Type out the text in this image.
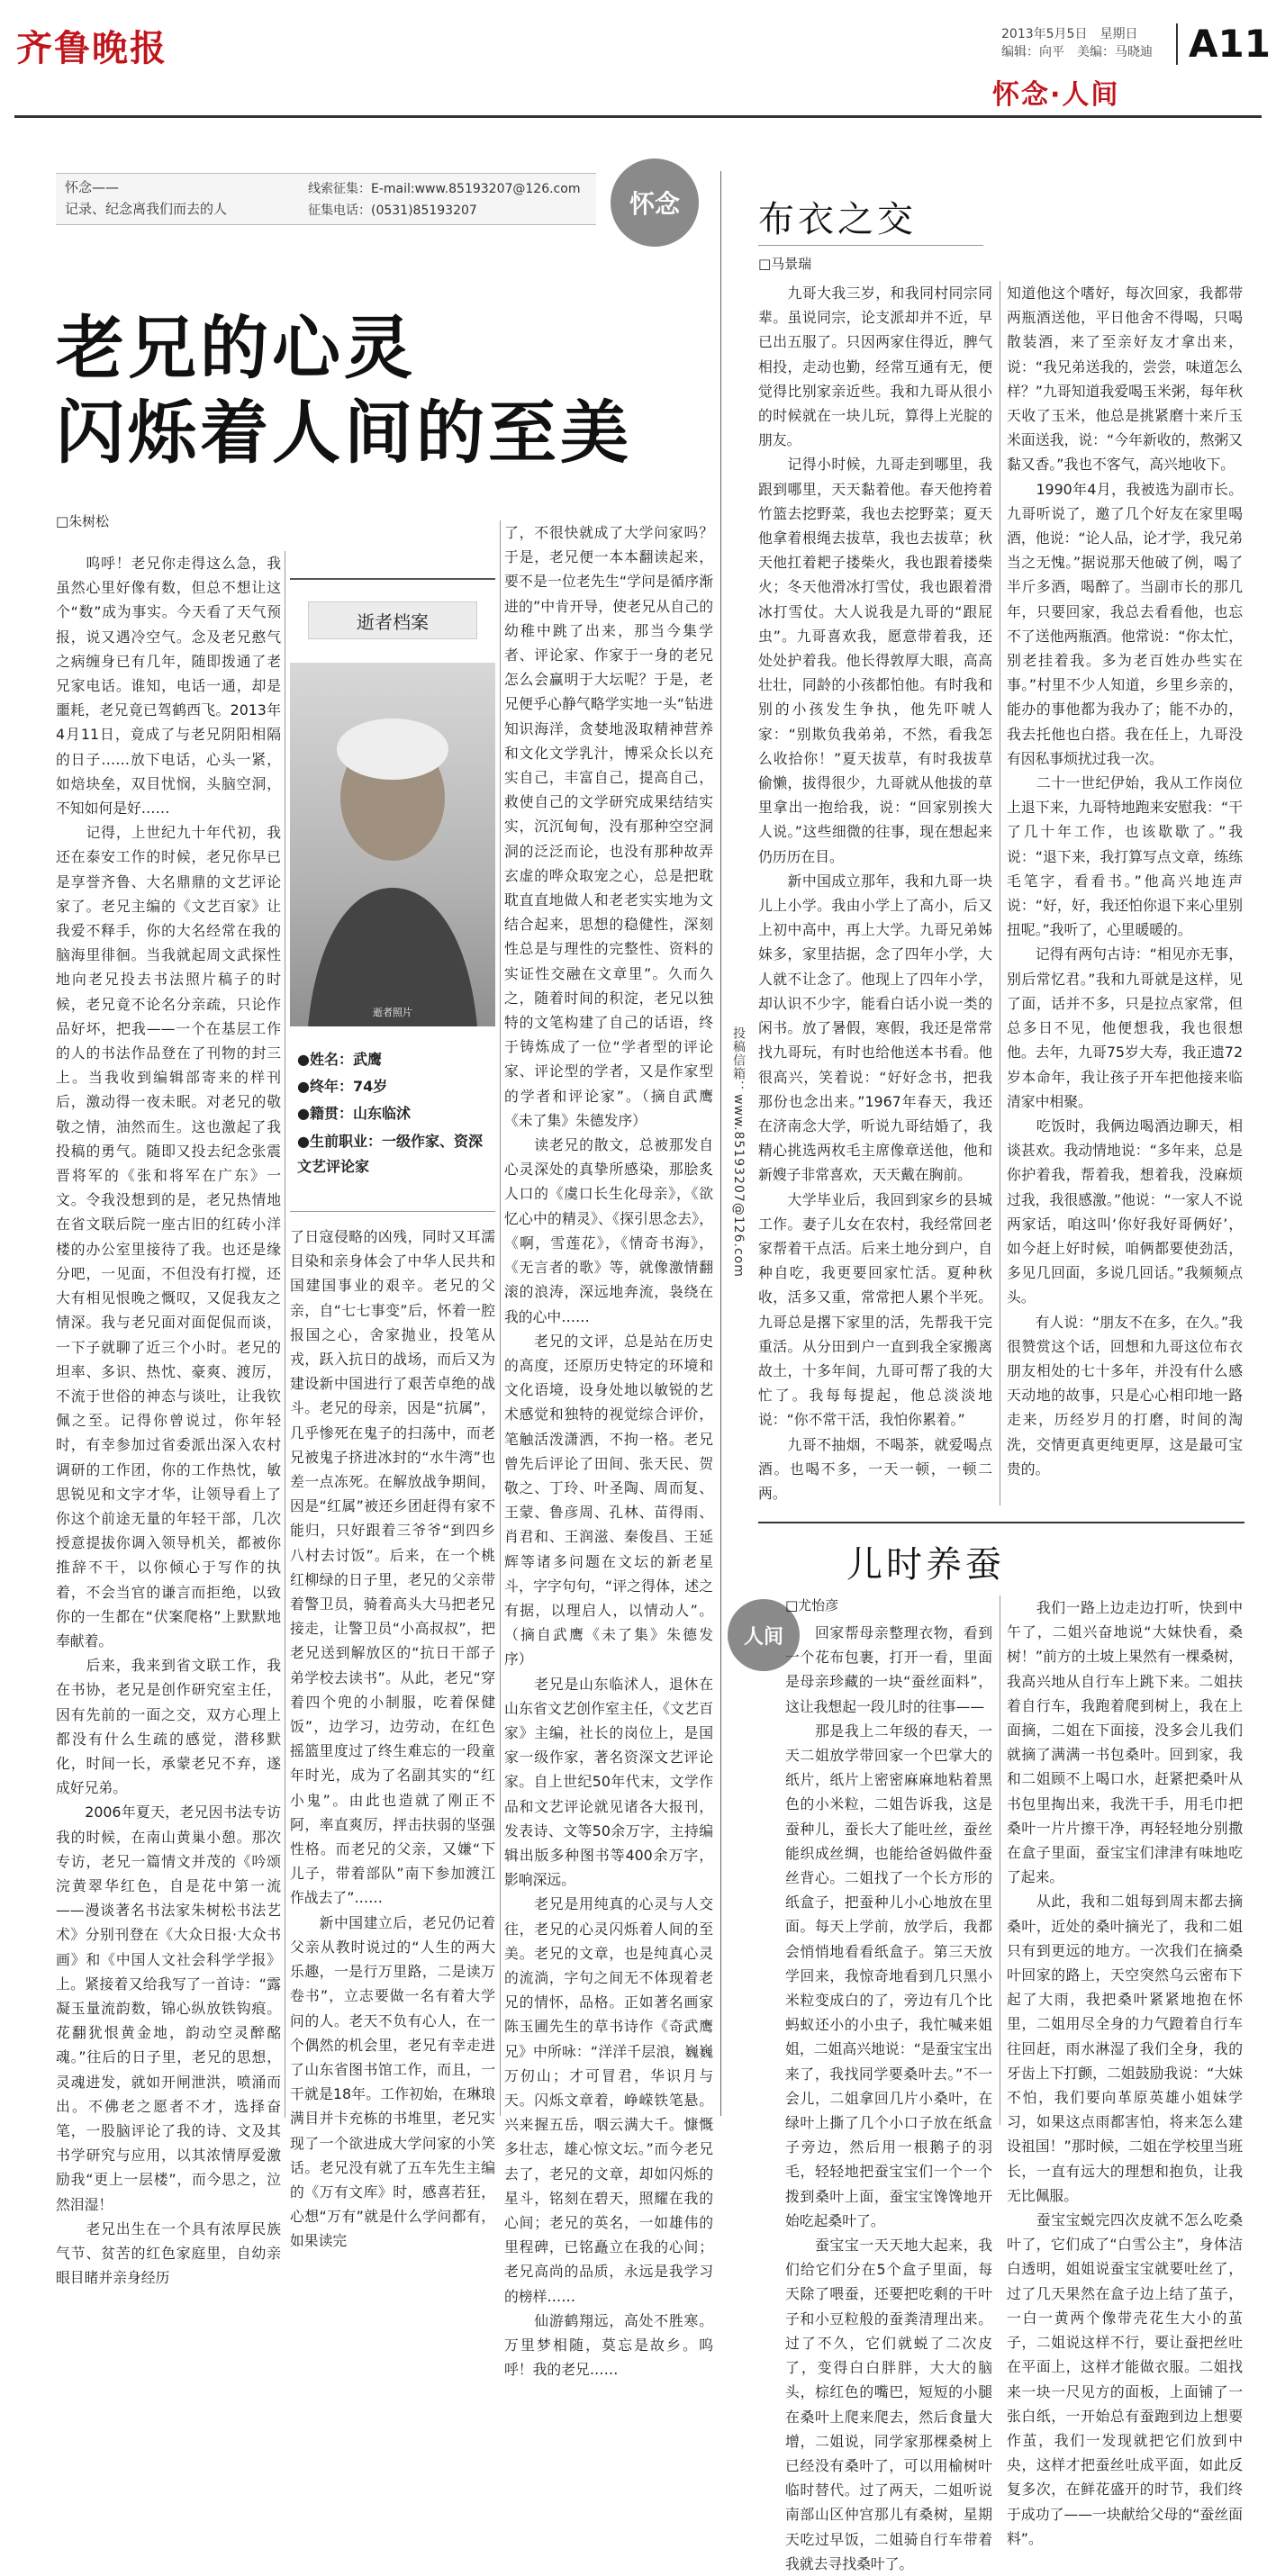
齐鲁晚报	2013年5月5日　星期日
编辑：向平　美编：马晓迪 A11
怀念·人间
怀念——
记录、纪念离我们而去的人
线索征集：E-mail:www.85193207@126.com
征集电话：(0531)85193207	怀念
老兄的心灵
闪烁着人间的至美
□朱树松
　　呜呼！老兄你走得这么急，我虽然心里好像有数，但总不想让这个“数”成为事实。今天看了天气预报，说又遇冷空气。念及老兄憨气之病缠身已有几年，随即拨通了老兄家电话。谁知，电话一通，却是噩耗，老兄竟已驾鹤西飞。2013年4月11日，竟成了与老兄阴阳相隔的日子……放下电话，心头一紧，如焙块垒，双目忧悯，头脑空洞，不知如何是好……
　　记得，上世纪九十年代初，我还在泰安工作的时候，老兄你早已是享誉齐鲁、大名鼎鼎的文艺评论家了。老兄主编的《文艺百家》让我爱不释手，你的大名经常在我的脑海里徘徊。当我就起周文武探性地向老兄投去书法照片稿子的时候，老兄竟不论名分亲疏，只论作品好坏，把我——一个在基层工作的人的书法作品登在了刊物的封三上。当我收到编辑部寄来的样刊后，激动得一夜未眠。对老兄的敬敬之情，油然而生。这也激起了我投稿的勇气。随即又投去纪念张震晋将军的《张和将军在广东》一文。令我没想到的是，老兄热情地在省文联后院一座古旧的红砖小洋楼的办公室里接待了我。也还是缘分吧，一见面，不但没有打搅，还大有相见恨晚之慨叹，又促我友之情深。我与老兄面对面促侃而谈，一下子就聊了近三个小时。老兄的坦率、多识、热忱、豪爽、渡厉，不流于世俗的神态与谈吐，让我钦佩之至。记得你曾说过，你年轻时，有幸参加过省委派出深入农村调研的工作团，你的工作热忱，敏思锐见和文字才华，让领导看上了你这个前途无量的年轻干部，几次授意提拔你调入领导机关，都被你推辞不干，以你倾心于写作的执着，不会当官的谦言而拒绝，以致你的一生都在“伏案爬格”上默默地奉献着。
　　后来，我来到省文联工作，我在书协，老兄是创作研究室主任，因有先前的一面之交，双方心理上都没有什么生疏的感觉，潜移默化，时间一长，承蒙老兄不弃，遂成好兄弟。
　　2006年夏天，老兄因书法专访我的时候，在南山黄巢小憩。那次专访，老兄一篇情文并茂的《吟颂浣黄翠华红色，自是花中第一流——漫谈著名书法家朱树松书法艺术》分别刊登在《大众日报·大众书画》和《中国人文社会科学学报》上。紧接着又给我写了一首诗：“露凝玉量流韵数，锦心纵放铁钩痕。花翻犹恨黄金地，韵动空灵醉酩魂。”往后的日子里，老兄的思想，灵魂进发，就如开闸泄洪，喷涌而出。不佛老之愿者不才，选择奋笔，一股脑评论了我的诗、文及其书学研究与应用，以其浓情厚爱激励我“更上一层楼”，而今思之，泣然泪湿！
　　老兄出生在一个具有浓厚民族气节、贫苦的红色家庭里，自幼亲眼目睹并亲身经历
了日寇侵略的凶残，同时又耳濡目染和亲身体会了中华人民共和国建国事业的艰辛。老兄的父亲，自“七七事变”后，怀着一腔报国之心，舍家抛业，投笔从戎，跃入抗日的战场，而后又为建设新中国进行了艰苦卓绝的战斗。老兄的母亲，因是“抗属”，几乎惨死在鬼子的扫荡中，而老兄被鬼子挤进冰封的“水牛湾”也差一点冻死。在解放战争期间，因是“红属”被还乡团赶得有家不能归，只好跟着三爷爷“到四乡八村去讨饭”。后来，在一个桃红柳绿的日子里，老兄的父亲带着警卫员，骑着高头大马把老兄接走，让警卫员“小高叔叔”，把老兄送到解放区的“抗日干部子弟学校去读书”。从此，老兄“穿着四个兜的小制服，吃着保健饭”，边学习，边劳动，在红色摇篮里度过了终生难忘的一段童年时光，成为了名副其实的“红小鬼”。由此也造就了刚正不阿，率直爽厉，抨击扶弱的坚强性格。而老兄的父亲，又嫌“下儿子，带着部队”南下参加渡江作战去了”……
　　新中国建立后，老兄仍记着父亲从教时说过的“人生的两大乐趣，一是行万里路，二是读万卷书”，立志要做一名有着大学问的人。老天不负有心人，在一个偶然的机会里，老兄有幸走进了山东省图书馆工作，而且，一干就是18年。工作初始，在琳琅满目并卡充栋的书堆里，老兄实现了一个欲进成大学问家的小笑话。老兄没有就了五车先生主编的《万有文库》时，感喜若狂，心想“万有”就是什么学问都有，如果读完
了，不很快就成了大学问家吗？于是，老兄便一本本翻读起来，要不是一位老先生“学问是循序渐进的”中肯开导，使老兄从自己的幼稚中跳了出来，那当今集学者、评论家、作家于一身的老兄怎么会赢明于大坛呢？于是，老兄便乎心静气略学实地一头“钻进知识海洋，贪婪地汲取精神营养和文化文学乳汁，博采众长以充实自己，丰富自己，提高自己，救使自己的文学研究成果结结实实，沉沉甸甸，没有那种空空洞洞的泛泛而论，也没有那种故弄玄虚的哗众取宠之心，总是把耽耽直直地做人和老老实实地为文结合起来，思想的稳健性，深刻性总是与理性的完整性、资料的实证性交融在文章里”。久而久之，随着时间的积淀，老兄以独特的文笔构建了自己的话语，终于铸炼成了一位“学者型的评论家、评论型的学者，又是作家型的学者和评论家”。（摘自武鹰《未了集》朱德发序）
　　读老兄的散文，总被那发自心灵深处的真挚所感染，那脍炙人口的《虞口长生化母亲》，《欲忆心中的精灵》、《探引思念去》，《啊，雪莲花》，《情奇书海》，《无言者的歌》等，就像激情翻滚的浪涛，深远地奔流，袅绕在我的心中……
　　老兄的文评，总是站在历史的高度，还原历史特定的环境和文化语境，设身处地以敏锐的艺术感觉和独特的视觉综合评价，笔触活泼潇洒，不拘一格。老兄曾先后评论了田间、张天民、贺敬之、丁玲、叶圣陶、周而复、王蒙、鲁彦周、孔林、苗得雨、肖君和、王润滋、秦俊昌、王延辉等诸多问题在文坛的新老星斗，字字句句，“评之得体，述之有据，以理启人，以情动人”。（摘自武鹰《未了集》朱德发序）
　　老兄是山东临沭人，退休在山东省文艺创作室主任，《文艺百家》主编，社长的岗位上，是国家一级作家，著名资深文艺评论家。自上世纪50年代末，文学作品和文艺评论就见诸各大报刊，发表诗、文等50余万字，主持编辑出版多种图书等400余万字，影响深远。
　　老兄是用纯真的心灵与人交往，老兄的心灵闪烁着人间的至美。老兄的文章，也是纯真心灵的流淌，字句之间无不体现着老兄的情怀，品格。正如著名画家陈玉圃先生的草书诗作《奇武鹰兄》中所咏：“洋洋千层浪，巍巍万仞山；才可冒君，华识月与天。闪烁文章着，峥嵘铁笔悬。兴来握五岳，咽云满大千。慷慨多壮志，雄心惊文坛。”而今老兄去了，老兄的文章，却如闪烁的星斗，铭刻在碧天，照耀在我的心间；老兄的英名，一如雄伟的里程碑，已铭矗立在我的心间；老兄高尚的品质，永远是我学习的榜样……
　　仙游鹤翔远，高处不胜寒。万里梦相随，莫忘是故乡。呜呼！我的老兄……
逝者档案
逝者照片
●姓名：武鹰
●终年：74岁
●籍贯：山东临沭
●生前职业：一级作家、资深文艺评论家	投稿信箱：www.85193207@126.com
布衣之交
□马景瑞
　　九哥大我三岁，和我同村同宗同辈。虽说同宗，论支派却并不近，早已出五服了。只因两家住得近，脾气相投，走动也勤，经常互通有无，便觉得比别家亲近些。我和九哥从很小的时候就在一块儿玩，算得上光腚的朋友。
　　记得小时候，九哥走到哪里，我跟到哪里，天天黏着他。春天他挎着竹篮去挖野菜，我也去挖野菜；夏天他拿着根绳去拔草，我也去拔草；秋天他扛着耙子搂柴火，我也跟着搂柴火；冬天他滑冰打雪仗，我也跟着滑冰打雪仗。大人说我是九哥的“跟屁虫”。九哥喜欢我，愿意带着我，还处处护着我。他长得敦厚大眼，高高壮壮，同龄的小孩都怕他。有时我和别的小孩发生争执，他先吓唬人家：“别欺负我弟弟，不然，看我怎么收拾你！”夏天拔草，有时我拔草偷懒，拔得很少，九哥就从他拔的草里拿出一抱给我，说：“回家别挨大人说。”这些细微的往事，现在想起来仍历历在目。
　　新中国成立那年，我和九哥一块儿上小学。我由小学上了高小，后又上初中高中，再上大学。九哥兄弟姊妹多，家里拮据，念了四年小学，大人就不让念了。他现上了四年小学，却认识不少字，能看白话小说一类的闲书。放了暑假，寒假，我还是常常找九哥玩，有时也给他送本书看。他很高兴，笑着说：“好好念书，把我那份也念出来。”1967年春天，我还在济南念大学，听说九哥结婚了，我精心挑选两枚毛主席像章送他，他和新嫂子非常喜欢，天天戴在胸前。
　　大学毕业后，我回到家乡的县城工作。妻子儿女在农村，我经常回老家帮着干点活。后来土地分到户，自种自吃，我更要回家忙活。夏种秋收，活多又重，常常把人累个半死。九哥总是撂下家里的活，先帮我干完重活。从分田到户一直到我全家搬离故土，十多年间，九哥可帮了我的大忙了。我每每提起，他总淡淡地说：“你不常干活，我怕你累着。”
　　九哥不抽烟，不喝茶，就爱喝点酒。也喝不多，一天一顿，一顿二两。
知道他这个嗜好，每次回家，我都带两瓶酒送他，平日他舍不得喝，只喝散装酒，来了至亲好友才拿出来，说：“我兄弟送我的，尝尝，味道怎么样？”九哥知道我爱喝玉米粥，每年秋天收了玉米，他总是挑紧磨十来斤玉米面送我，说：“今年新收的，熬粥又黏又香。”我也不客气，高兴地收下。
　　1990年4月，我被选为副市长。九哥听说了，邀了几个好友在家里喝酒，他说：“论人品，论才学，我兄弟当之无愧。”据说那天他破了例，喝了半斤多酒，喝醉了。当副市长的那几年，只要回家，我总去看看他，也忘不了送他两瓶酒。他常说：“你太忙，别老挂着我。多为老百姓办些实在事。”村里不少人知道，乡里乡亲的，能办的事他都为我办了；能不办的，我去托他也白搭。我在任上，九哥没有因私事烦扰过我一次。
　　二十一世纪伊始，我从工作岗位上退下来，九哥特地跑来安慰我：“干了几十年工作，也该歇歇了。”我说：“退下来，我打算写点文章，练练毛笔字，看看书。”他高兴地连声说：“好，好，我还怕你退下来心里别扭呢。”我听了，心里暖暖的。
　　记得有两句古诗：“相见亦无事，别后常忆君。”我和九哥就是这样，见了面，话并不多，只是拉点家常，但总多日不见，他便想我，我也很想他。去年，九哥75岁大寿，我正遗72岁本命年，我让孩子开车把他接来临清家中相聚。
　　吃饭时，我俩边喝酒边聊天，相谈甚欢。我动情地说：“多年来，总是你护着我，帮着我，想着我，没麻烦过我，我很感激。”他说：“一家人不说两家话，咱这叫‘你好我好哥俩好’，如今赶上好时候，咱俩都要使劲活，多见几回面，多说几回话。”我频频点头。
　　有人说：“朋友不在多，在久。”我很赞赏这个话，回想和九哥这位布衣朋友相处的七十多年，并没有什么感天动地的故事，只是心心相印地一路走来，历经岁月的打磨，时间的淘洗，交情更真更纯更厚，这是最可宝贵的。
儿时养蚕
人间
□尤怡彦
　　回家帮母亲整理衣物，看到一个花布包裹，打开一看，里面是母亲珍藏的一块“蚕丝面料”，这让我想起一段儿时的往事——
　　那是我上二年级的春天，一天二姐放学带回家一个巴掌大的纸片，纸片上密密麻麻地粘着黑色的小米粒，二姐告诉我，这是蚕种儿，蚕长大了能吐丝，蚕丝能织成丝绸，也能给爸妈做件蚕丝背心。二姐找了一个长方形的纸盒子，把蚕种儿小心地放在里面。每天上学前，放学后，我都会悄悄地看看纸盒子。第三天放学回来，我惊奇地看到几只黑小米粒变成白的了，旁边有几个比蚂蚁还小的小虫子，我忙喊来姐姐，二姐高兴地说：“是蚕宝宝出来了，我找同学要桑叶去。”不一会儿，二姐拿回几片小桑叶，在绿叶上撕了几个小口子放在纸盒子旁边，然后用一根鹅子的羽毛，轻轻地把蚕宝宝们一个一个拨到桑叶上面，蚕宝宝馋馋地开始吃起桑叶了。
　　蚕宝宝一天天地大起来，我们给它们分在5个盒子里面，每天除了喂蚕，还要把吃剩的干叶子和小豆粒般的蚕粪清理出来。过了不久，它们就蜕了二次皮了，变得白白胖胖，大大的脑头，棕红色的嘴巴，短短的小腿在桑叶上爬来爬去，然后食量大增，二姐说，同学家那棵桑树上已经没有桑叶了，可以用榆树叶临时替代。过了两天，二姐听说南部山区仲宫那儿有桑树，星期天吃过早饭，二姐骑自行车带着我就去寻找桑叶了。
　　我们一路上边走边打听，快到中午了，二姐兴奋地说“大妹快看，桑树！”前方的土坡上果然有一棵桑树，我高兴地从自行车上跳下来。二姐扶着自行车，我跑着爬到树上，我在上面摘，二姐在下面接，没多会儿我们就摘了满满一书包桑叶。回到家，我和二姐顾不上喝口水，赶紧把桑叶从书包里掏出来，我洗干手，用毛巾把桑叶一片片擦干净，再轻轻地分别撒在盒子里面，蚕宝宝们津津有味地吃了起来。
　　从此，我和二姐每到周末都去摘桑叶，近处的桑叶摘光了，我和二姐只有到更远的地方。一次我们在摘桑叶回家的路上，天空突然乌云密布下起了大雨，我把桑叶紧紧地抱在怀里，二姐用尽全身的力气蹬着自行车往回赶，雨水淋湿了我们全身，我的牙齿上下打颤，二姐鼓励我说：“大妹不怕，我们要向革原英雄小姐妹学习，如果这点雨都害怕，将来怎么建设祖国！”那时候，二姐在学校里当班长，一直有远大的理想和抱负，让我无比佩服。
　　蚕宝宝蜕完四次皮就不怎么吃桑叶了，它们成了“白雪公主”，身体洁白透明，姐姐说蚕宝宝就要吐丝了，过了几天果然在盒子边上结了茧子，一白一黄两个像带壳花生大小的茧子，二姐说这样不行，要让蚕把丝吐在平面上，这样才能做衣服。二姐找来一块一尺见方的面板，上面铺了一张白纸，一开始总有蚕跑到边上想要作茧，我们一发现就把它们放到中央，这样才把蚕丝吐成平面，如此反复多次，在鲜花盛开的时节，我们终于成功了——一块献给父母的“蚕丝面料”。
